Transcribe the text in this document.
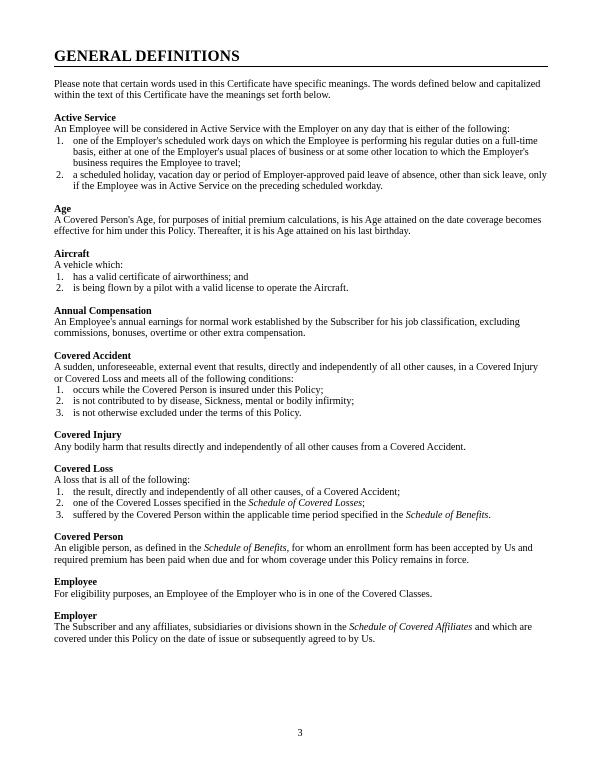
GENERAL DEFINITIONS

Please note that certain words used in this Certificate have specific meanings. The words defined below and capitalized within the text of this Certificate have the meanings set forth below.

Active Service
An Employee will be considered in Active Service with the Employer on any day that is either of the following:
1. one of the Employer's scheduled work days on which the Employee is performing his regular duties on a full-time basis, either at one of the Employer's usual places of business or at some other location to which the Employer's business requires the Employee to travel;
2. a scheduled holiday, vacation day or period of Employer-approved paid leave of absence, other than sick leave, only if the Employee was in Active Service on the preceding scheduled workday.
Age
A Covered Person's Age, for purposes of initial premium calculations, is his Age attained on the date coverage becomes effective for him under this Policy. Thereafter, it is his Age attained on his last birthday.
Aircraft
A vehicle which:
1. has a valid certificate of airworthiness; and
2. is being flown by a pilot with a valid license to operate the Aircraft.
Annual Compensation
An Employee's annual earnings for normal work established by the Subscriber for his job classification, excluding commissions, bonuses, overtime or other extra compensation.
Covered Accident
A sudden, unforeseeable, external event that results, directly and independently of all other causes, in a Covered Injury or Covered Loss and meets all of the following conditions:
1. occurs while the Covered Person is insured under this Policy;
2. is not contributed to by disease, Sickness, mental or bodily infirmity;
3. is not otherwise excluded under the terms of this Policy.
Covered Injury
Any bodily harm that results directly and independently of all other causes from a Covered Accident.
Covered Loss
A loss that is all of the following:
1. the result, directly and independently of all other causes, of a Covered Accident;
2. one of the Covered Losses specified in the Schedule of Covered Losses;
3. suffered by the Covered Person within the applicable time period specified in the Schedule of Benefits.
Covered Person
An eligible person, as defined in the Schedule of Benefits, for whom an enrollment form has been accepted by Us and required premium has been paid when due and for whom coverage under this Policy remains in force.
Employee
For eligibility purposes, an Employee of the Employer who is in one of the Covered Classes.
Employer
The Subscriber and any affiliates, subsidiaries or divisions shown in the Schedule of Covered Affiliates and which are covered under this Policy on the date of issue or subsequently agreed to by Us.
3
